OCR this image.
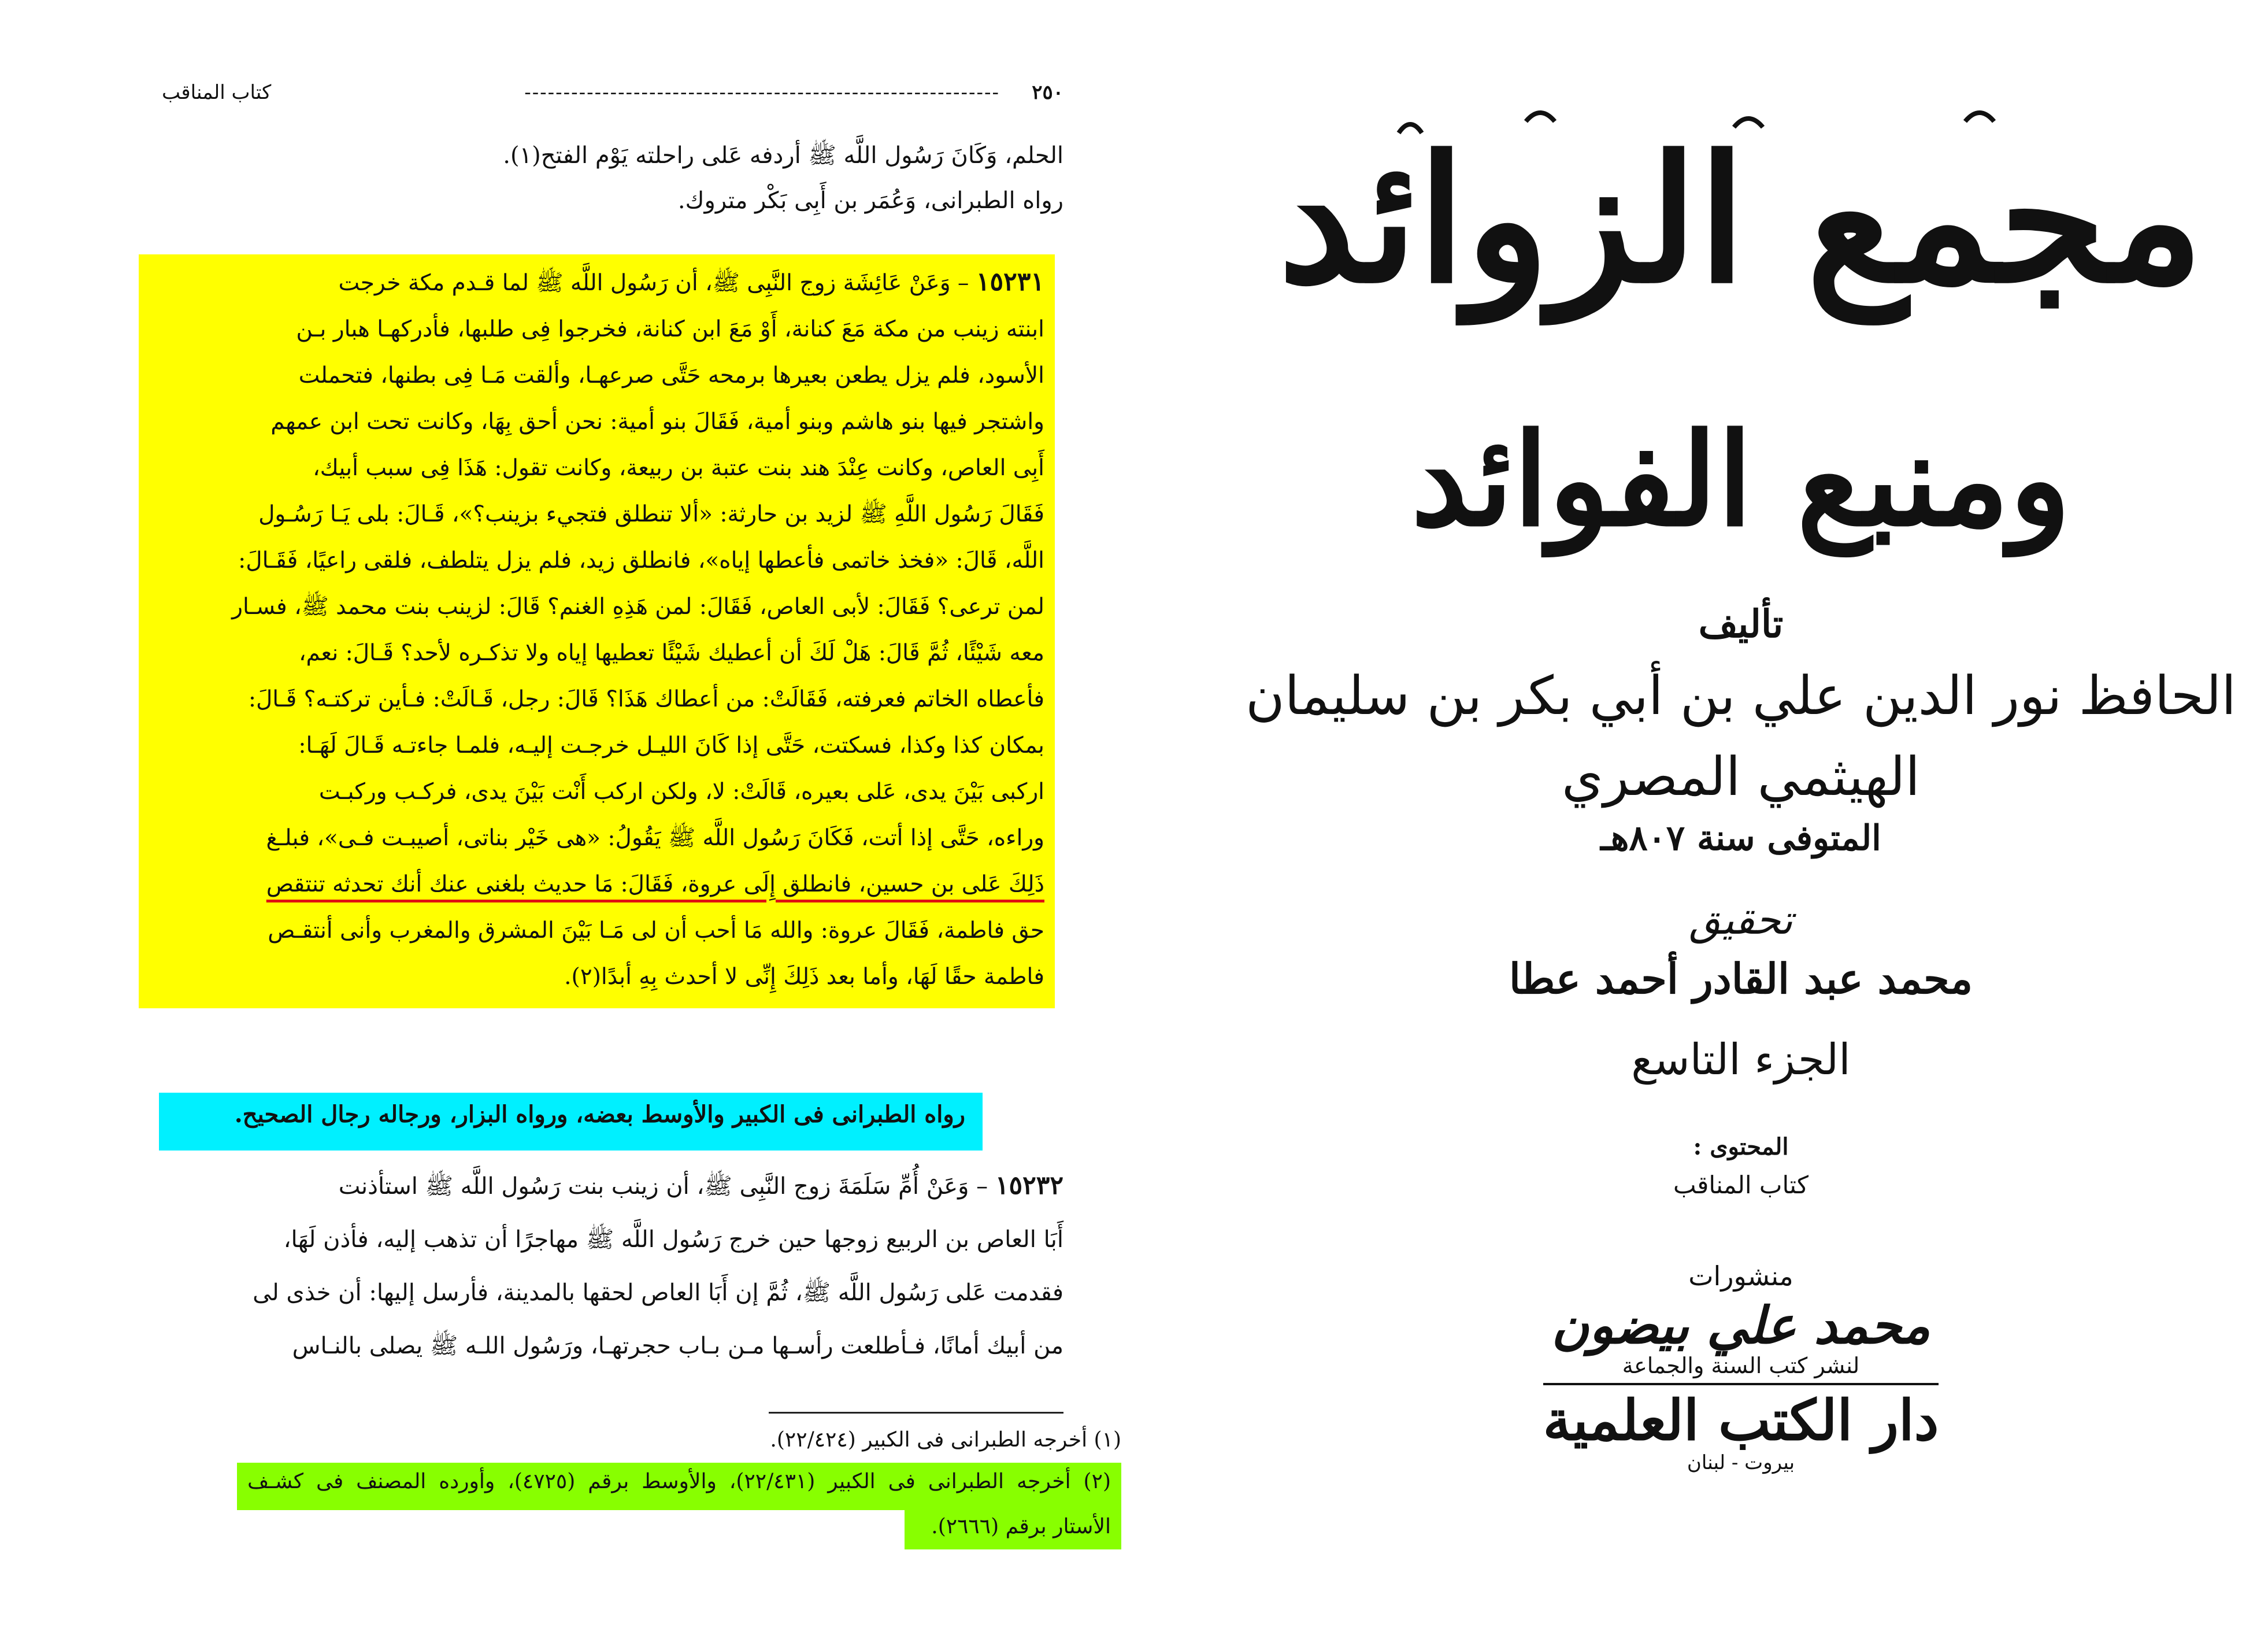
٢٥٠
-------------------------------------------------------------
كتاب المناقب
الحلم، وَكَانَ رَسُول اللَّه ﷺ أردفه عَلى راحلته يَوْم الفتح(١).
رواه الطبرانى، وَعُمَر بن أَبِى بَكْر متروك.
١٥٢٣١ – وَعَنْ عَائِشَة زوج النَّبِى ﷺ، أن رَسُول اللَّه ﷺ لما قـدم مكة خرجت
ابنته زينب من مكة مَعَ كنانة، أَوْ مَعَ ابن كنانة، فخرجوا فِى طلبها، فأدركهـا هبار بـن
الأسود، فلم يزل يطعن بعيرها برمحه حَتَّى صرعهـا، وألقت مَـا فِى بطنها، فتحملت
واشتجر فيها بنو هاشم وبنو أمية، فَقَالَ بنو أمية: نحن أحق بِهَا، وكانت تحت ابن عمهم
أَبِى العاص، وكانت عِنْدَ هند بنت عتبة بن ربيعة، وكانت تقول: هَذَا فِى سبب أبيك،
فَقَالَ رَسُول اللَّهِ ﷺ لزيد بن حارثة: «ألا تنطلق فتجيء بزينب؟»، قَـالَ: بلى يَـا رَسُـول
اللَّه، قَالَ: «فخذ خاتمى فأعطها إياه»، فانطلق زيد، فلم يزل يتلطف، فلقى راعيًا، فَقَـالَ:
لمن ترعى؟ فَقَالَ: لأبى العاص، فَقَالَ: لمن هَذِهِ الغنم؟ قَالَ: لزينب بنت محمد ﷺ، فسـار
معه شَيْئًا، ثُمَّ قَالَ: هَلْ لَكَ أن أعطيك شَيْئًا تعطيها إياه ولا تذكـره لأحد؟ قَـالَ: نعم،
فأعطاه الخاتم فعرفته، فَقَالَتْ: من أعطاك هَذَا؟ قَالَ: رجل، قَـالَتْ: فـأين تركتـه؟ قَـالَ:
بمكان كذا وكذا، فسكتت، حَتَّى إذا كَانَ الليـل خرجـت إليـه، فلمـا جاءتـه قَـالَ لَهَـا:
اركبى بَيْنَ يدى، عَلى بعيره، قَالَتْ: لا، ولكن اركب أَنْت بَيْنَ يدى، فركـب وركبـت
وراءه، حَتَّى إذا أتت، فَكَانَ رَسُول اللَّه ﷺ يَقُولُ: «هى خَيْر بناتى، أصيبـت فـى»، فبلـغ
ذَلِكَ عَلى بن حسين، فانطلق إِلَى عروة، فَقَالَ: مَا حديث بلغنى عنك أنك تحدثه تنتقص
حق فاطمة، فَقَالَ عروة: والله مَا أحب أن لى مَـا بَيْنَ المشرق والمغرب وأنى أنتقـص
فاطمة حقًا لَهَا، وأما بعد ذَلِكَ إِنِّى لا أحدث بِهِ أبدًا(٢).
رواه الطبرانى فى الكبير والأوسط بعضه، ورواه البزار، ورجاله رجال الصحيح.
١٥٢٣٢ – وَعَنْ أُمِّ سَلَمَةَ زوج النَّبِى ﷺ، أن زينب بنت رَسُول اللَّه ﷺ استأذنت
أَبَا العاص بن الربيع زوجها حين خرج رَسُول اللَّه ﷺ مهاجرًا أن تذهب إليه، فأذن لَهَا،
فقدمت عَلى رَسُول اللَّه ﷺ، ثُمَّ إن أَبَا العاص لحقها بالمدينة، فأرسل إليها: أن خذى لى
من أبيك أمانًا، فـأطلعت رأسـها مـن بـاب حجرتهـا، ورَسُول اللـه ﷺ يصلى بالنـاس
(١) أخرجه الطبرانى فى الكبير (٢٢/٤٢٤).
(٢) أخرجه الطبرانى فى الكبير (٢٢/٤٣١)، والأوسط برقم (٤٧٢٥)، وأورده المصنف فى كشـف
الأستار برقم (٢٦٦٦).
مجمع الزوائد
ومنبع الفوائد
تأليف
الحافظ نور الدين علي بن أبي بكر بن سليمان
الهيثمي المصري
المتوفى سنة ٨٠٧هـ
تحقيق
محمد عبد القادر أحمد عطا
الجزء التاسع
المحتوى :
كتاب المناقب
منشورات
محمد علي بيضون
لنشر كتب السنة والجماعة
دار الكتب العلمية
بيروت - لبنان
